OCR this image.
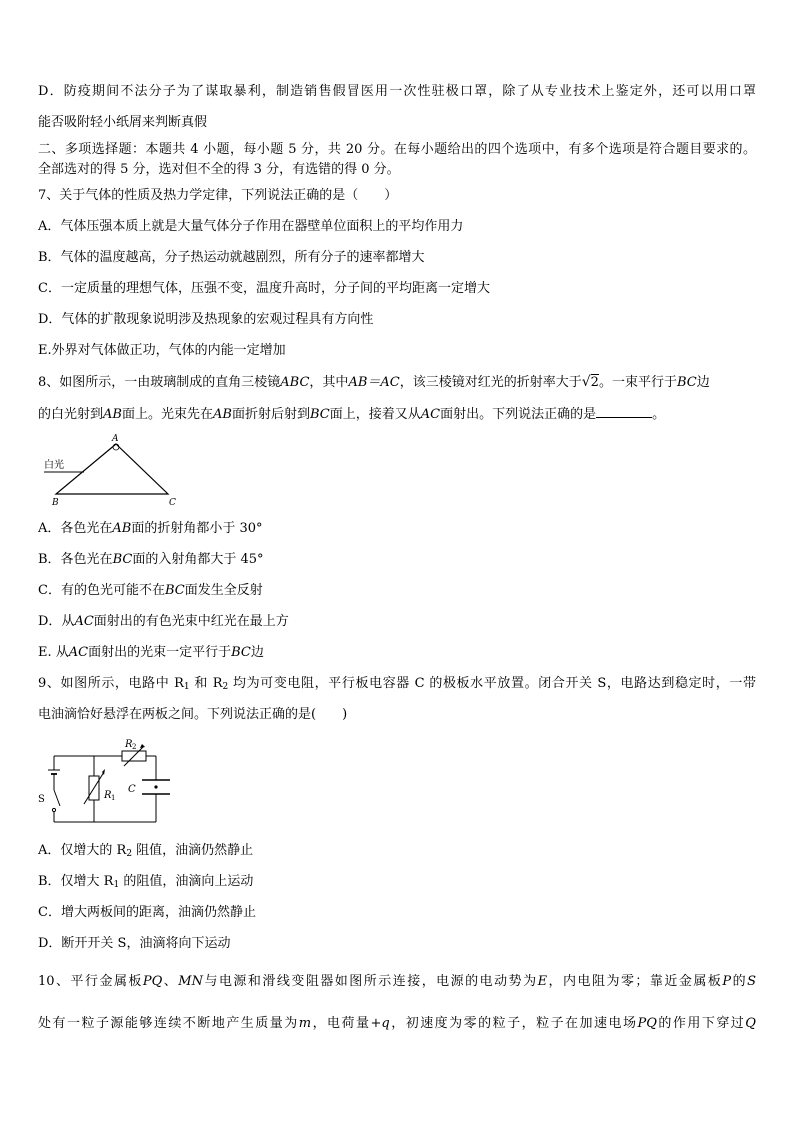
D．防疫期间不法分子为了谋取暴利，制造销售假冒医用一次性驻极口罩，除了从专业技术上鉴定外，还可以用口罩
能否吸附轻小纸屑来判断真假
二、多项选择题：本题共 4 小题，每小题 5 分，共 20 分。在每小题给出的四个选项中，有多个选项是符合题目要求的。
全部选对的得 5 分，选对但不全的得 3 分，有选错的得 0 分。
7、关于气体的性质及热力学定律，下列说法正确的是（　　）
A．气体压强本质上就是大量气体分子作用在器壁单位面积上的平均作用力
B．气体的温度越高，分子热运动就越剧烈，所有分子的速率都增大
C．一定质量的理想气体，压强不变，温度升高时，分子间的平均距离一定增大
D．气体的扩散现象说明涉及热现象的宏观过程具有方向性
E.外界对气体做正功，气体的内能一定增加
8、如图所示，一由玻璃制成的直角三棱镜ABC，其中AB＝AC，该三棱镜对红光的折射率大于√2。一束平行于BC边
的白光射到AB面上。光束先在AB面折射后射到BC面上，接着又从AC面射出。下列说法正确的是	。
A
B	C
白光
A．各色光在AB面的折射角都小于 30°
B．各色光在BC面的入射角都大于 45°
C．有的色光可能不在BC面发生全反射
D．从AC面射出的有色光束中红光在最上方
E. 从AC面射出的光束一定平行于BC边
9、如图所示，电路中 $R_1$ 和 $R_2$ 均为可变电阻，平行板电容器 C 的极板水平放置。闭合开关 S，电路达到稳定时，一带
电油滴恰好悬浮在两板之间。下列说法正确的是(　　)
R 2
R 1
C
S
A．仅增大的 $R_2$ 阻值，油滴仍然静止
B．仅增大 $R_1$ 的阻值，油滴向上运动
C．增大两板间的距离，油滴仍然静止
D．断开开关 S，油滴将向下运动
10、平行金属板PQ、MN与电源和滑线变阻器如图所示连接，电源的电动势为E，内电阻为零；靠近金属板P的S
处有一粒子源能够连续不断地产生质量为m，电荷量+q，初速度为零的粒子，粒子在加速电场PQ的作用下穿过Q
